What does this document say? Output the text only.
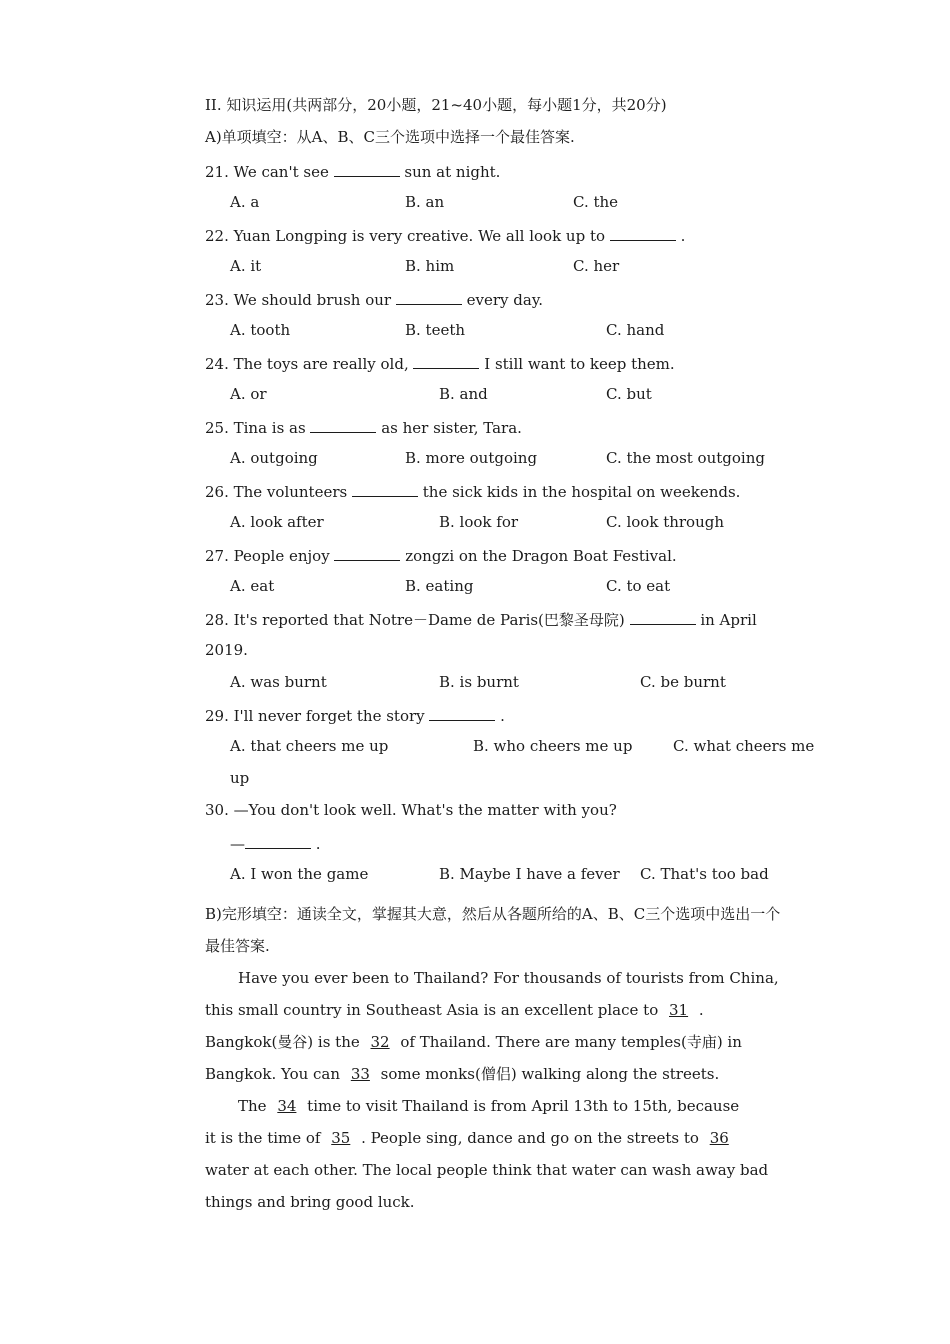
II. 知识运用(共两部分，20小题，21~40小题，每小题1分，共20分)
A)单项填空：从A、B、C三个选项中选择一个最佳答案.
21. We can't see	sun at night.
A. a	B. an	C. the
22. Yuan Longping is very creative. We all look up to	.
A. it	B. him	C. her
23. We should brush our	every day.
A. tooth	B. teeth	C. hand
24. The toys are really old,	I still want to keep them.
A. or	B. and	C. but
25. Tina is as	as her sister, Tara.
A. outgoing	B. more outgoing	C. the most outgoing
26. The volunteers	the sick kids in the hospital on weekends.
A. look after	B. look for	C. look through
27. People enjoy	zongzi on the Dragon Boat Festival.
A. eat	B. eating	C. to eat
28. It's reported that Notre－Dame de Paris(巴黎圣母院)	in April
2019.
A. was burnt	B. is burnt	C. be burnt
29. I'll never forget the story	.
A. that cheers me up	B. who cheers me up	C. what cheers me
up
30. —You don't look well. What's the matter with you?
—	.
A. I won the game	B. Maybe I have a fever C. That's too bad
B)完形填空：通读全文，掌握其大意，然后从各题所给的A、B、C三个选项中选出一个
最佳答案.
Have you ever been to Thailand? For thousands of tourists from China,
this small country in Southeast Asia is an excellent place to 31 .
Bangkok(曼谷) is the 32 of Thailand. There are many temples(寺庙) in
Bangkok. You can 33 some monks(僧侣) walking along the streets.
The 34 time to visit Thailand is from April 13th to 15th, because
it is the time of 35 . People sing, dance and go on the streets to 36
water at each other. The local people think that water can wash away bad
things and bring good luck.
